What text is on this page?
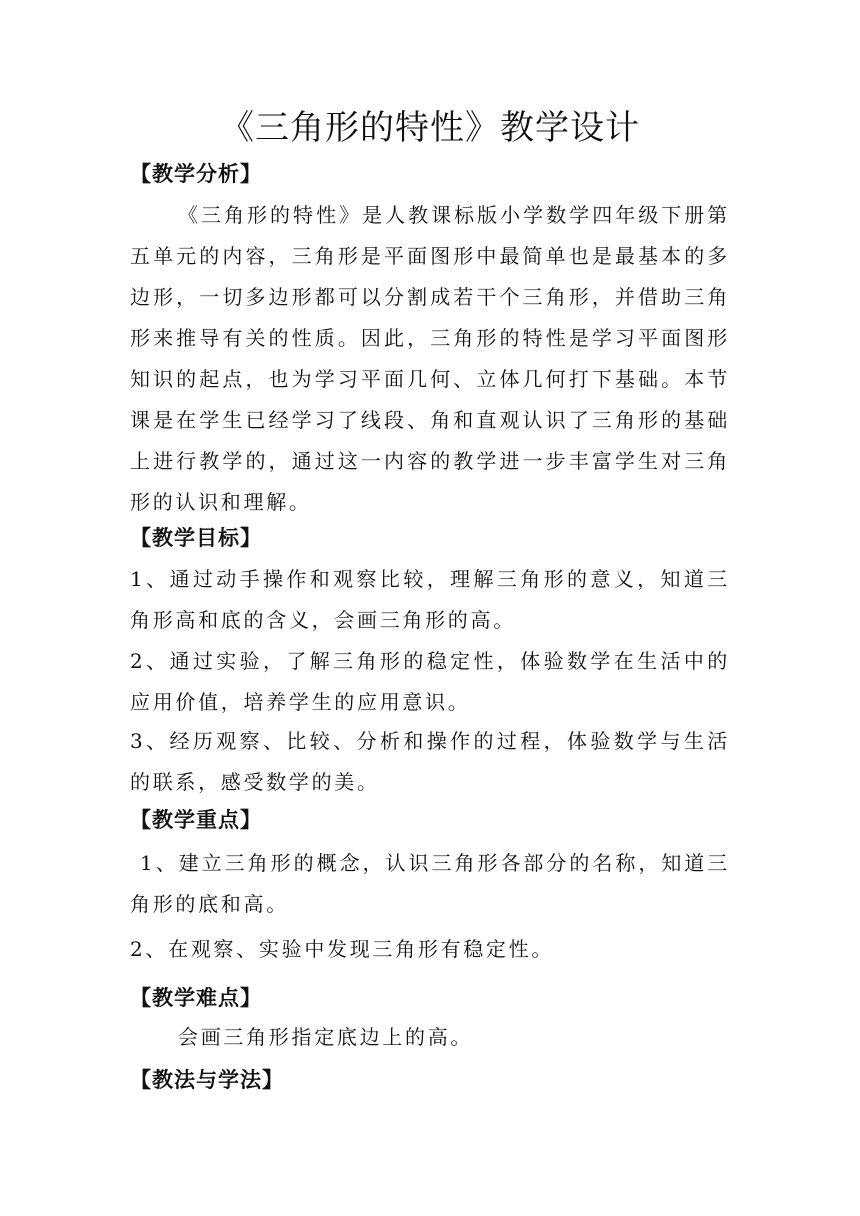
《三角形的特性》教学设计
【教学分析】

《三角形的特性》是人教课标版小学数学四年级下册第五单元的内容，三角形是平面图形中最简单也是最基本的多边形，一切多边形都可以分割成若干个三角形，并借助三角形来推导有关的性质。因此，三角形的特性是学习平面图形知识的起点，也为学习平面几何、立体几何打下基础。本节课是在学生已经学习了线段、角和直观认识了三角形的基础上进行教学的，通过这一内容的教学进一步丰富学生对三角形的认识和理解。

【教学目标】

1、通过动手操作和观察比较，理解三角形的意义，知道三角形高和底的含义，会画三角形的高。

2、通过实验，了解三角形的稳定性，体验数学在生活中的应用价值，培养学生的应用意识。

3、经历观察、比较、分析和操作的过程，体验数学与生活的联系，感受数学的美。

【教学重点】

1、建立三角形的概念，认识三角形各部分的名称，知道三角形的底和高。

2、在观察、实验中发现三角形有稳定性。

【教学难点】

会画三角形指定底边上的高。

【教法与学法】
